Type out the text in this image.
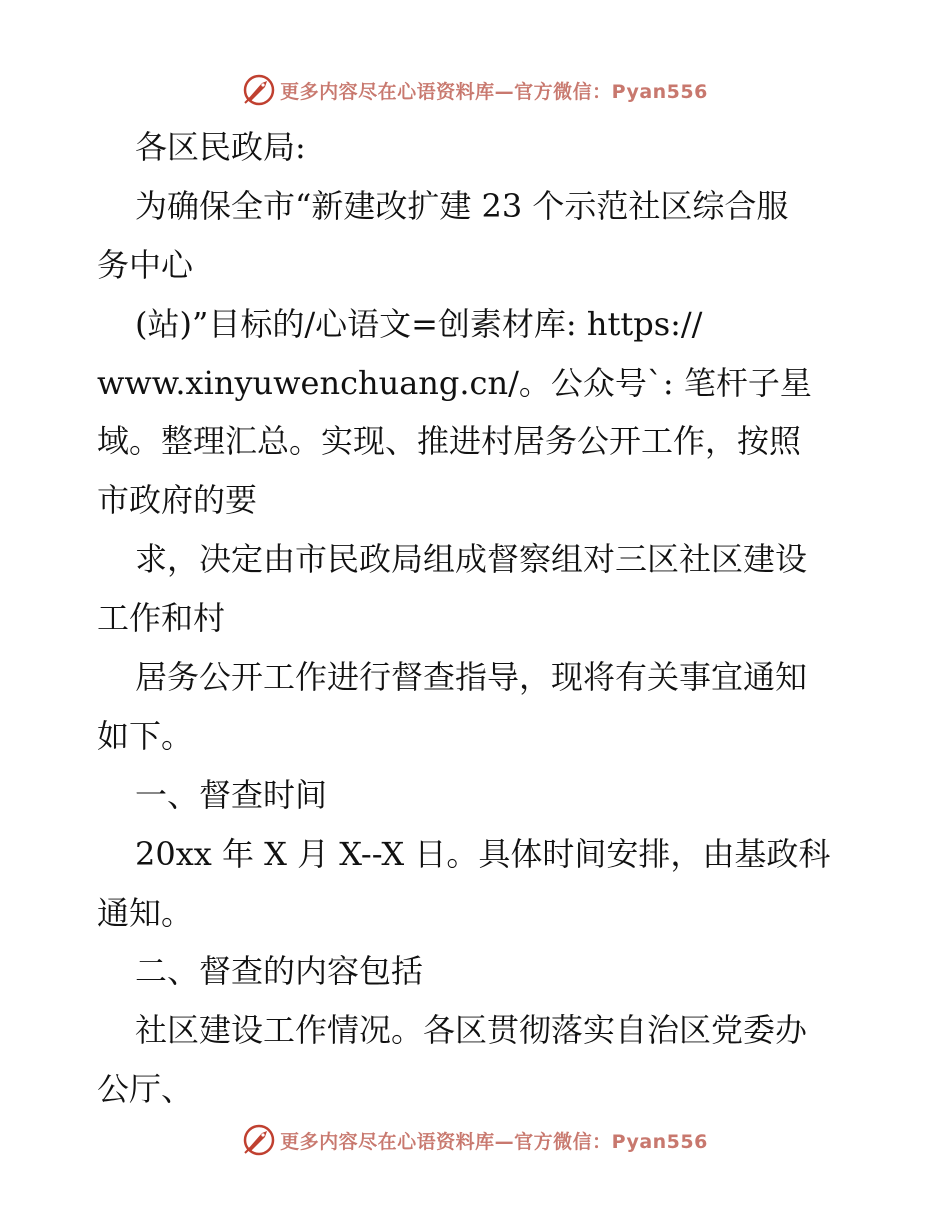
更多内容尽在心语资料库—官方微信：Pyan556
各区民政局:
为确保全市“新建改扩建 23 个示范社区综合服
务中心
(站)”目标的/心语文=创素材库: https://
www.xinyuwenchuang.cn/。公众号`: 笔杆子星
域。整理汇总。实现、推进村居务公开工作，按照
市政府的要
求，决定由市民政局组成督察组对三区社区建设
工作和村
居务公开工作进行督查指导，现将有关事宜通知
如下。
一、督查时间
20xx 年 X 月 X--X 日。具体时间安排，由基政科
通知。
二、督查的内容包括
社区建设工作情况。各区贯彻落实自治区党委办
公厅、
更多内容尽在心语资料库—官方微信：Pyan556
